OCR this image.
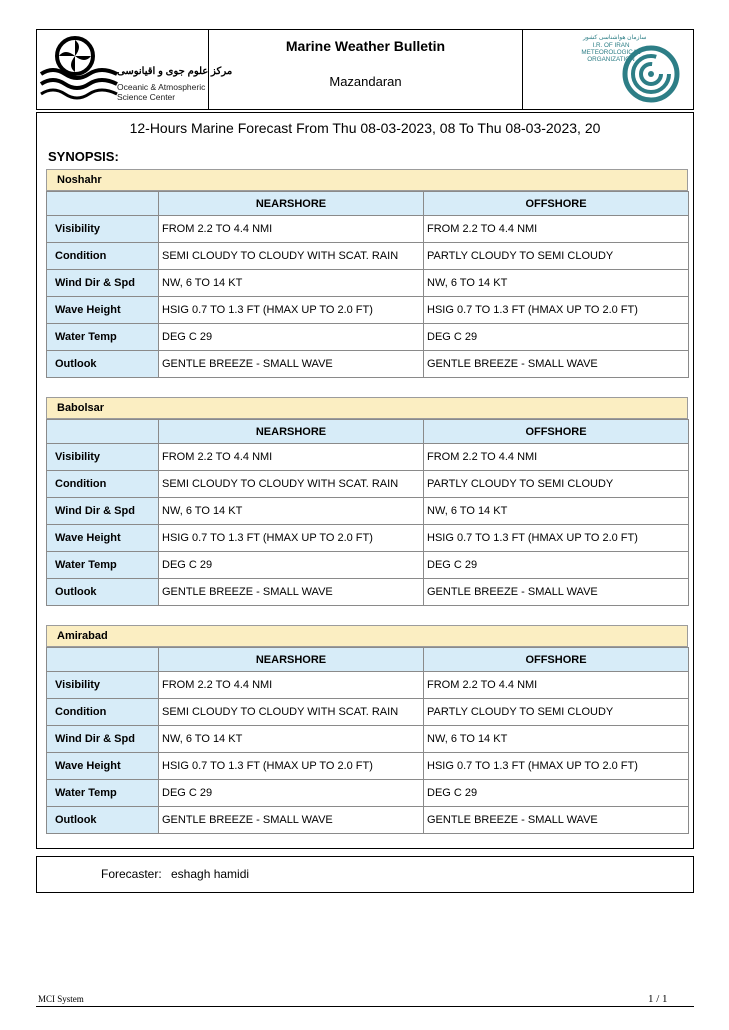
مرکز علوم جوی و اقیانوسی
Oceanic & Atmospheric
Science Center
Marine Weather Bulletin
Mazandaran
سازمان هواشناسی کشور
I.R. OF IRAN
METEOROLOGICAL
ORGANIZATION
12-Hours Marine Forecast From Thu 08-03-2023, 08 To Thu 08-03-2023, 20
SYNOPSIS:
Noshahr
	NEARSHORE	OFFSHORE
Visibility	FROM 2.2 TO 4.4 NMI	FROM 2.2 TO 4.4 NMI
Condition	SEMI CLOUDY TO CLOUDY WITH SCAT. RAIN	PARTLY CLOUDY TO SEMI CLOUDY
Wind Dir & Spd	NW, 6 TO 14 KT	NW, 6 TO 14 KT
Wave Height	HSIG 0.7 TO 1.3 FT (HMAX UP TO 2.0 FT)	HSIG 0.7 TO 1.3 FT (HMAX UP TO 2.0 FT)
Water Temp	DEG C 29	DEG C 29
Outlook	GENTLE BREEZE - SMALL WAVE	GENTLE BREEZE - SMALL WAVE
Babolsar
	NEARSHORE	OFFSHORE
Visibility	FROM 2.2 TO 4.4 NMI	FROM 2.2 TO 4.4 NMI
Condition	SEMI CLOUDY TO CLOUDY WITH SCAT. RAIN	PARTLY CLOUDY TO SEMI CLOUDY
Wind Dir & Spd	NW, 6 TO 14 KT	NW, 6 TO 14 KT
Wave Height	HSIG 0.7 TO 1.3 FT (HMAX UP TO 2.0 FT)	HSIG 0.7 TO 1.3 FT (HMAX UP TO 2.0 FT)
Water Temp	DEG C 29	DEG C 29
Outlook	GENTLE BREEZE - SMALL WAVE	GENTLE BREEZE - SMALL WAVE
Amirabad
	NEARSHORE	OFFSHORE
Visibility	FROM 2.2 TO 4.4 NMI	FROM 2.2 TO 4.4 NMI
Condition	SEMI CLOUDY TO CLOUDY WITH SCAT. RAIN	PARTLY CLOUDY TO SEMI CLOUDY
Wind Dir & Spd	NW, 6 TO 14 KT	NW, 6 TO 14 KT
Wave Height	HSIG 0.7 TO 1.3 FT (HMAX UP TO 2.0 FT)	HSIG 0.7 TO 1.3 FT (HMAX UP TO 2.0 FT)
Water Temp	DEG C 29	DEG C 29
Outlook	GENTLE BREEZE - SMALL WAVE	GENTLE BREEZE - SMALL WAVE
Forecaster: eshagh hamidi
MCI System	1 / 1
